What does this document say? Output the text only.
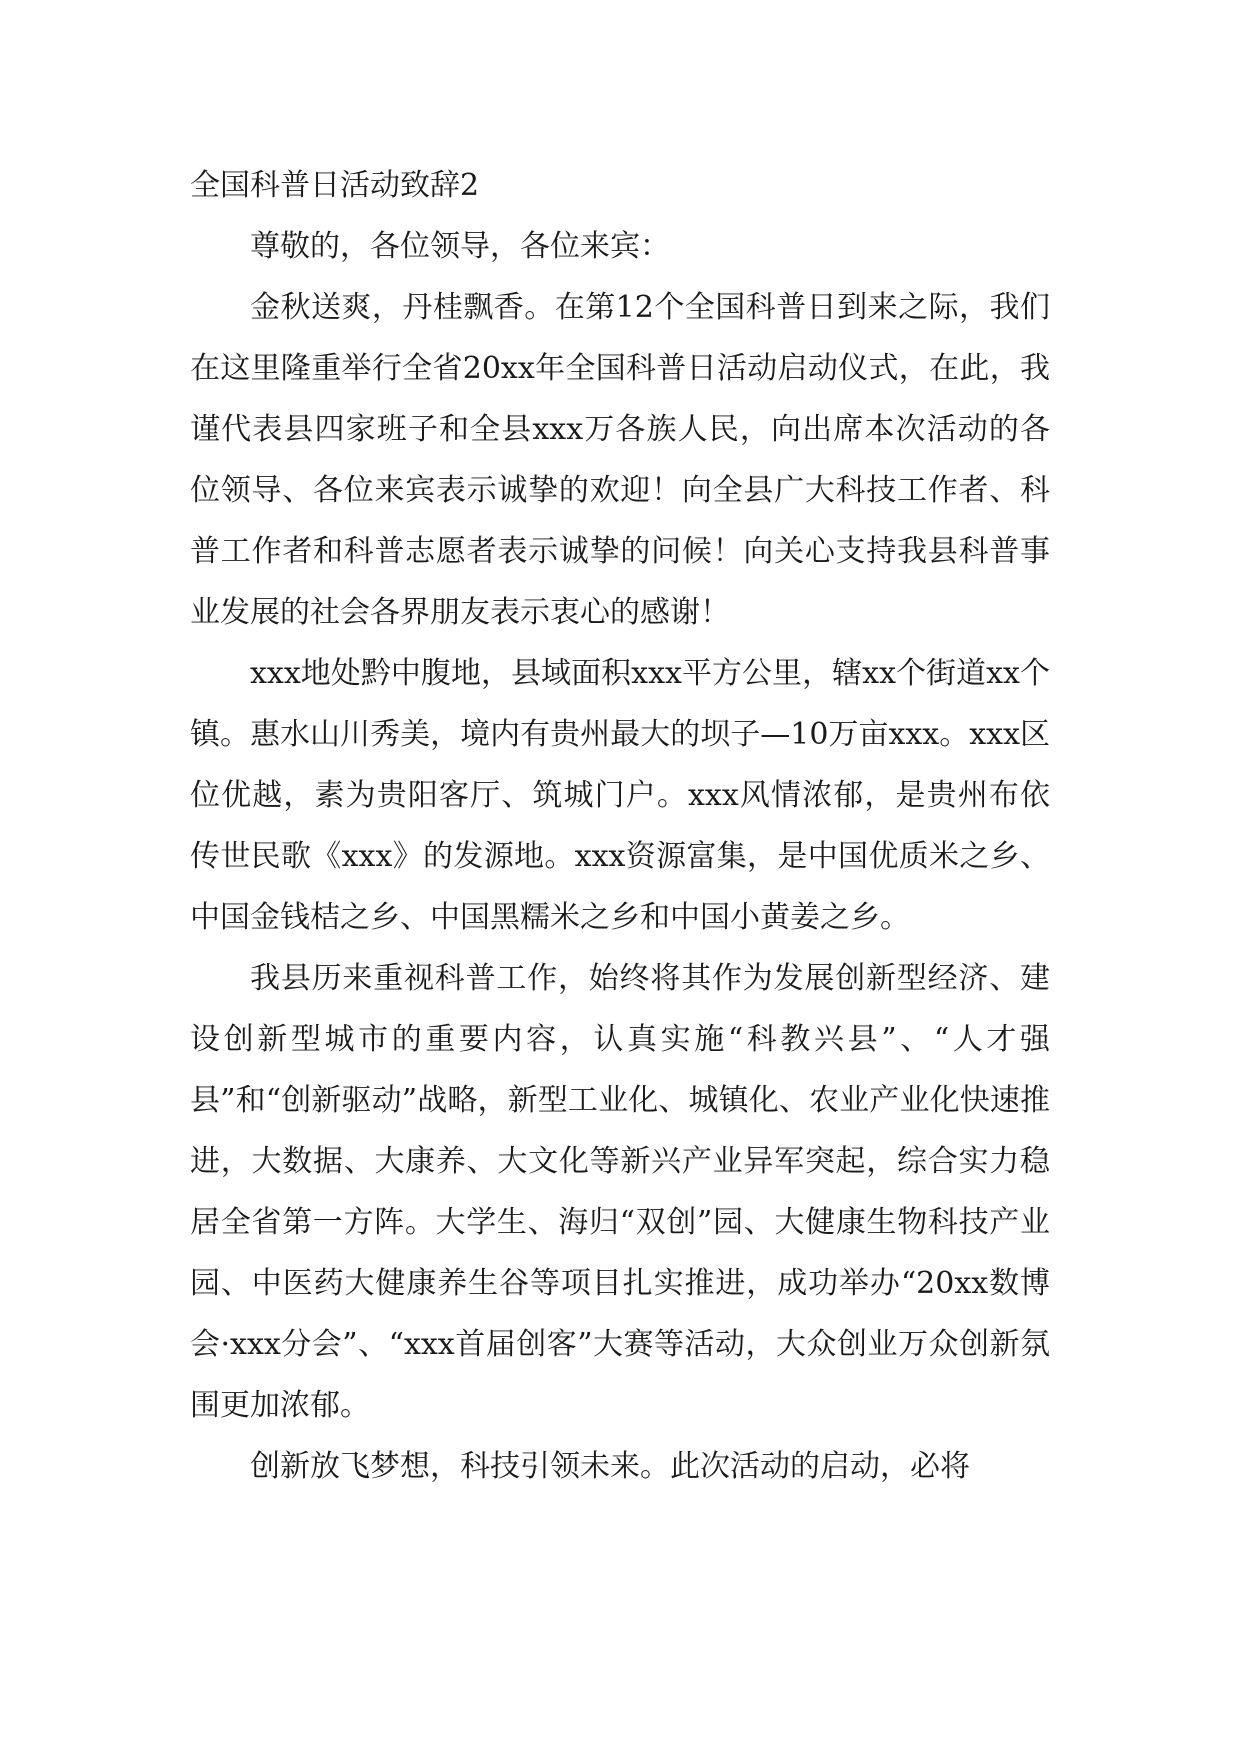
全国科普日活动致辞2

尊敬的，各位领导，各位来宾：

金秋送爽，丹桂飘香。在第12个全国科普日到来之际，我们在这里隆重举行全省20xx年全国科普日活动启动仪式，在此，我谨代表县四家班子和全县xxx万各族人民，向出席本次活动的各位领导、各位来宾表示诚挚的欢迎！向全县广大科技工作者、科普工作者和科普志愿者表示诚挚的问候！向关心支持我县科普事业发展的社会各界朋友表示衷心的感谢！

xxx地处黔中腹地，县域面积xxx平方公里，辖xx个街道xx个镇。惠水山川秀美，境内有贵州最大的坝子—10万亩xxx。xxx区位优越，素为贵阳客厅、筑城门户。xxx风情浓郁，是贵州布依传世民歌《xxx》的发源地。xxx资源富集，是中国优质米之乡、中国金钱桔之乡、中国黑糯米之乡和中国小黄姜之乡。

我县历来重视科普工作，始终将其作为发展创新型经济、建设创新型城市的重要内容，认真实施“科教兴县”、“人才强县”和“创新驱动”战略，新型工业化、城镇化、农业产业化快速推进，大数据、大康养、大文化等新兴产业异军突起，综合实力稳居全省第一方阵。大学生、海归“双创”园、大健康生物科技产业园、中医药大健康养生谷等项目扎实推进，成功举办“20xx数博会·xxx分会”、“xxx首届创客”大赛等活动，大众创业万众创新氛围更加浓郁。

创新放飞梦想，科技引领未来。此次活动的启动，必将
